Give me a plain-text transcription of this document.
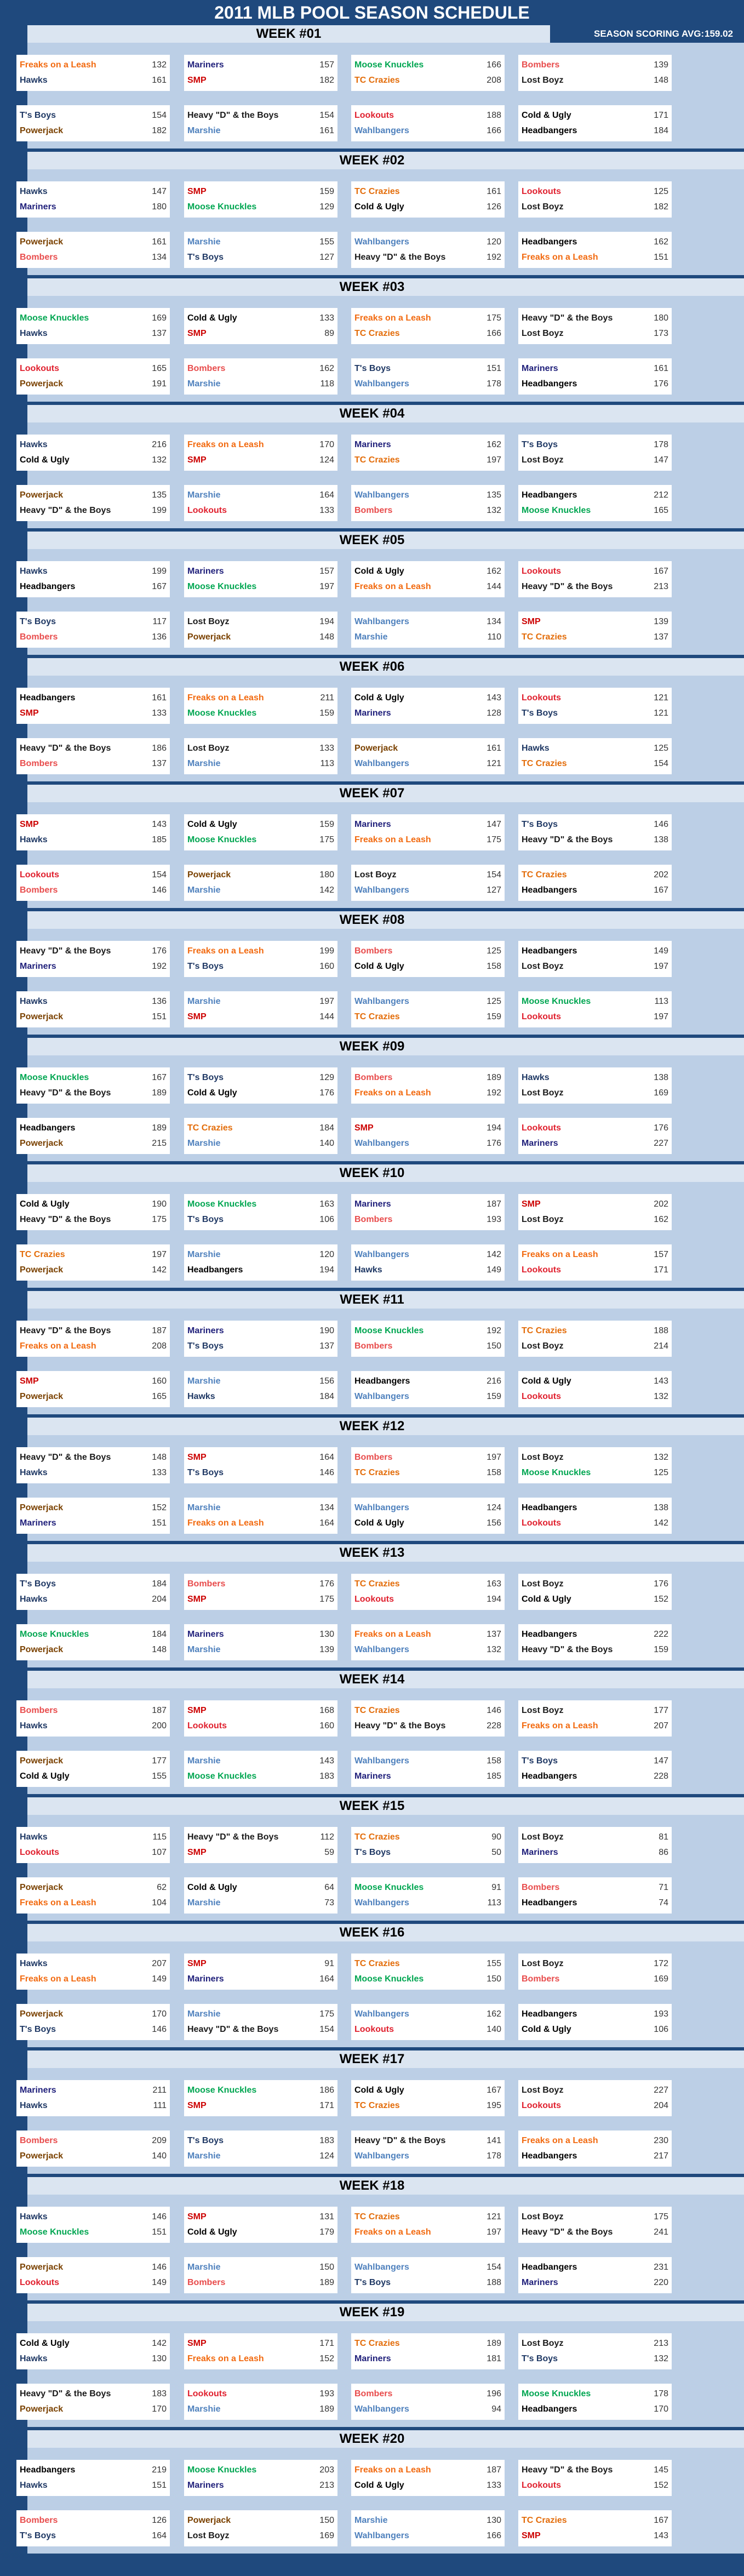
2011 MLB POOL SEASON SCHEDULE
WEEK #01	SEASON SCORING AVG: 159.02
Freaks on a Leash	132
Hawks	161
Mariners	157
SMP	182
Moose Knuckles	166
TC Crazies	208
Bombers	139
Lost Boyz	148
T's Boys	154
Powerjack	182
Heavy "D" & the Boys	154
Marshie	161
Lookouts	188
Wahlbangers	166
Cold & Ugly	171
Headbangers	184
WEEK #02
Hawks	147
Mariners	180
SMP	159
Moose Knuckles	129
TC Crazies	161
Cold & Ugly	126
Lookouts	125
Lost Boyz	182
Powerjack	161
Bombers	134
Marshie	155
T's Boys	127
Wahlbangers	120
Heavy "D" & the Boys	192
Headbangers	162
Freaks on a Leash	151
WEEK #03
Moose Knuckles	169
Hawks	137
Cold & Ugly	133
SMP	89
Freaks on a Leash	175
TC Crazies	166
Heavy "D" & the Boys	180
Lost Boyz	173
Lookouts	165
Powerjack	191
Bombers	162
Marshie	118
T's Boys	151
Wahlbangers	178
Mariners	161
Headbangers	176
WEEK #04
Hawks	216
Cold & Ugly	132
Freaks on a Leash	170
SMP	124
Mariners	162
TC Crazies	197
T's Boys	178
Lost Boyz	147
Powerjack	135
Heavy "D" & the Boys	199
Marshie	164
Lookouts	133
Wahlbangers	135
Bombers	132
Headbangers	212
Moose Knuckles	165
WEEK #05
Hawks	199
Headbangers	167
Mariners	157
Moose Knuckles	197
Cold & Ugly	162
Freaks on a Leash	144
Lookouts	167
Heavy "D" & the Boys	213
T's Boys	117
Bombers	136
Lost Boyz	194
Powerjack	148
Wahlbangers	134
Marshie	110
SMP	139
TC Crazies	137
WEEK #06
Headbangers	161
SMP	133
Freaks on a Leash	211
Moose Knuckles	159
Cold & Ugly	143
Mariners	128
Lookouts	121
T's Boys	121
Heavy "D" & the Boys	186
Bombers	137
Lost Boyz	133
Marshie	113
Powerjack	161
Wahlbangers	121
Hawks	125
TC Crazies	154
WEEK #07
SMP	143
Hawks	185
Cold & Ugly	159
Moose Knuckles	175
Mariners	147
Freaks on a Leash	175
T's Boys	146
Heavy "D" & the Boys	138
Lookouts	154
Bombers	146
Powerjack	180
Marshie	142
Lost Boyz	154
Wahlbangers	127
TC Crazies	202
Headbangers	167
WEEK #08
Heavy "D" & the Boys	176
Mariners	192
Freaks on a Leash	199
T's Boys	160
Bombers	125
Cold & Ugly	158
Headbangers	149
Lost Boyz	197
Hawks	136
Powerjack	151
Marshie	197
SMP	144
Wahlbangers	125
TC Crazies	159
Moose Knuckles	113
Lookouts	197
WEEK #09
Moose Knuckles	167
Heavy "D" & the Boys	189
T's Boys	129
Cold & Ugly	176
Bombers	189
Freaks on a Leash	192
Hawks	138
Lost Boyz	169
Headbangers	189
Powerjack	215
TC Crazies	184
Marshie	140
SMP	194
Wahlbangers	176
Lookouts	176
Mariners	227
WEEK #10
Cold & Ugly	190
Heavy "D" & the Boys	175
Moose Knuckles	163
T's Boys	106
Mariners	187
Bombers	193
SMP	202
Lost Boyz	162
TC Crazies	197
Powerjack	142
Marshie	120
Headbangers	194
Wahlbangers	142
Hawks	149
Freaks on a Leash	157
Lookouts	171
WEEK #11
Heavy "D" & the Boys	187
Freaks on a Leash	208
Mariners	190
T's Boys	137
Moose Knuckles	192
Bombers	150
TC Crazies	188
Lost Boyz	214
SMP	160
Powerjack	165
Marshie	156
Hawks	184
Headbangers	216
Wahlbangers	159
Cold & Ugly	143
Lookouts	132
WEEK #12
Heavy "D" & the Boys	148
Hawks	133
SMP	164
T's Boys	146
Bombers	197
TC Crazies	158
Lost Boyz	132
Moose Knuckles	125
Powerjack	152
Mariners	151
Marshie	134
Freaks on a Leash	164
Wahlbangers	124
Cold & Ugly	156
Headbangers	138
Lookouts	142
WEEK #13
T's Boys	184
Hawks	204
Bombers	176
SMP	175
TC Crazies	163
Lookouts	194
Lost Boyz	176
Cold & Ugly	152
Moose Knuckles	184
Powerjack	148
Mariners	130
Marshie	139
Freaks on a Leash	137
Wahlbangers	132
Headbangers	222
Heavy "D" & the Boys	159
WEEK #14
Bombers	187
Hawks	200
SMP	168
Lookouts	160
TC Crazies	146
Heavy "D" & the Boys	228
Lost Boyz	177
Freaks on a Leash	207
Powerjack	177
Cold & Ugly	155
Marshie	143
Moose Knuckles	183
Wahlbangers	158
Mariners	185
T's Boys	147
Headbangers	228
WEEK #15
Hawks	115
Lookouts	107
Heavy "D" & the Boys	112
SMP	59
TC Crazies	90
T's Boys	50
Lost Boyz	81
Mariners	86
Powerjack	62
Freaks on a Leash	104
Cold & Ugly	64
Marshie	73
Moose Knuckles	91
Wahlbangers	113
Bombers	71
Headbangers	74
WEEK #16
Hawks	207
Freaks on a Leash	149
SMP	91
Mariners	164
TC Crazies	155
Moose Knuckles	150
Lost Boyz	172
Bombers	169
Powerjack	170
T's Boys	146
Marshie	175
Heavy "D" & the Boys	154
Wahlbangers	162
Lookouts	140
Headbangers	193
Cold & Ugly	106
WEEK #17
Mariners	211
Hawks	111
Moose Knuckles	186
SMP	171
Cold & Ugly	167
TC Crazies	195
Lost Boyz	227
Lookouts	204
Bombers	209
Powerjack	140
T's Boys	183
Marshie	124
Heavy "D" & the Boys	141
Wahlbangers	178
Freaks on a Leash	230
Headbangers	217
WEEK #18
Hawks	146
Moose Knuckles	151
SMP	131
Cold & Ugly	179
TC Crazies	121
Freaks on a Leash	197
Lost Boyz	175
Heavy "D" & the Boys	241
Powerjack	146
Lookouts	149
Marshie	150
Bombers	189
Wahlbangers	154
T's Boys	188
Headbangers	231
Mariners	220
WEEK #19
Cold & Ugly	142
Hawks	130
SMP	171
Freaks on a Leash	152
TC Crazies	189
Mariners	181
Lost Boyz	213
T's Boys	132
Heavy "D" & the Boys	183
Powerjack	170
Lookouts	193
Marshie	189
Bombers	196
Wahlbangers	94
Moose Knuckles	178
Headbangers	170
WEEK #20
Headbangers	219
Hawks	151
Moose Knuckles	203
Mariners	213
Freaks on a Leash	187
Cold & Ugly	133
Heavy "D" & the Boys	145
Lookouts	152
Bombers	126
T's Boys	164
Powerjack	150
Lost Boyz	169
Marshie	130
Wahlbangers	166
TC Crazies	167
SMP	143
